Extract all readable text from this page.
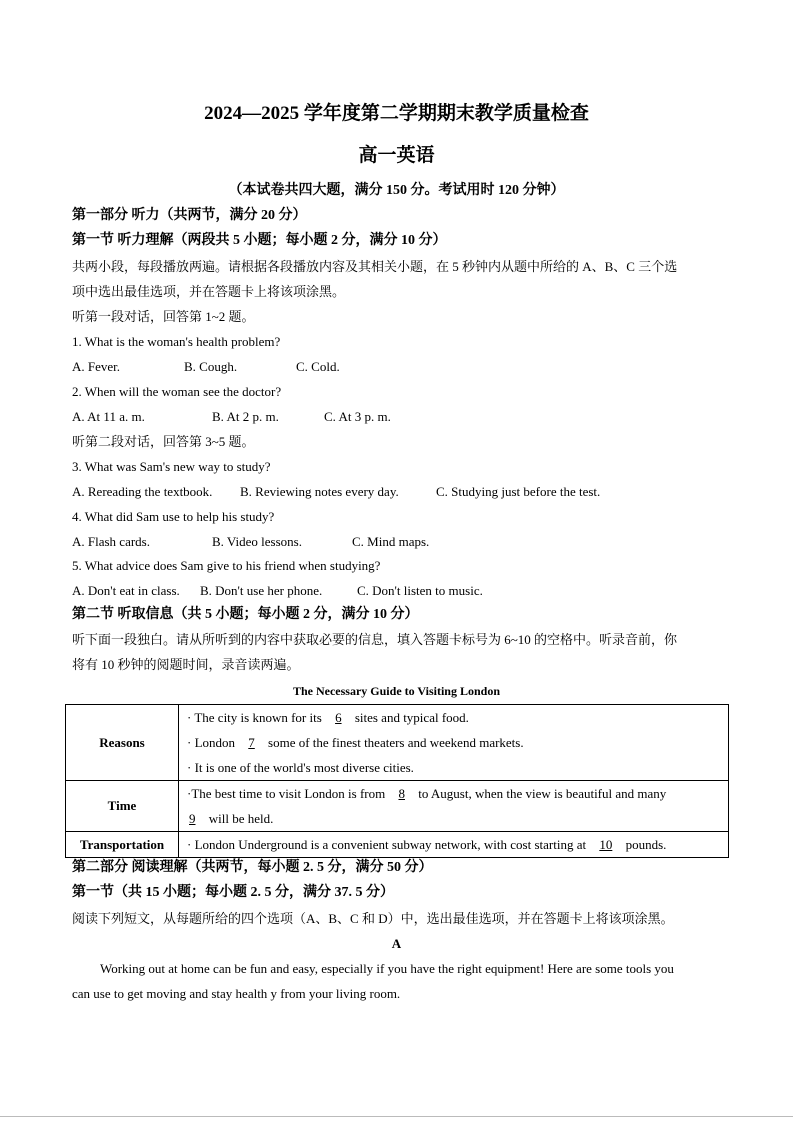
2024—2025 学年度第二学期期末教学质量检查
高一英语
（本试卷共四大题，满分 150 分。考试用时 120 分钟）
第一部分 听力（共两节，满分 20 分）
第一节 听力理解（两段共 5 小题；每小题 2 分，满分 10 分）
共两小段，每段播放两遍。请根据各段播放内容及其相关小题，在 5 秒钟内从题中所给的 A、B、C 三个选
项中选出最佳选项，并在答题卡上将该项涂黑。
听第一段对话，回答第 1~2 题。
1. What is the woman's health problem?
A. Fever.	B. Cough.	C. Cold.
2. When will the woman see the doctor?
A. At 11 a. m.	B. At 2 p. m.	C. At 3 p. m.
听第二段对话，回答第 3~5 题。
3. What was Sam's new way to study?
A. Rereading the textbook. B. Reviewing notes every day.	C. Studying just before the test.
4. What did Sam use to help his study?
A. Flash cards.	B. Video lessons.	C. Mind maps.
5. What advice does Sam give to his friend when studying?
A. Don't eat in class. B. Don't use her phone.	C. Don't listen to music.
第二节 听取信息（共 5 小题；每小题 2 分，满分 10 分）
听下面一段独白。请从所听到的内容中获取必要的信息，填入答题卡标号为 6~10 的空格中。听录音前，你
将有 10 秒钟的阅题时间，录音读两遍。
The Necessary Guide to Visiting London
Reasons	· The city is known for its 6 sites and typical food.
· London 7 some of the finest theaters and weekend markets.
· It is one of the world's most diverse cities.

Time	·The best time to visit London is from 8 to August, when the view is beautiful and many
9 will be held.

Transportation	· London Underground is a convenient subway network, with cost starting at 10 pounds.
第二部分 阅读理解（共两节，每小题 2. 5 分，满分 50 分）
第一节（共 15 小题；每小题 2. 5 分，满分 37. 5 分）
阅读下列短文，从每题所给的四个选项（A、B、C 和 D）中，选出最佳选项，并在答题卡上将该项涂黑。
A
Working out at home can be fun and easy, especially if you have the right equipment! Here are some tools you
can use to get moving and stay health y from your living room.
